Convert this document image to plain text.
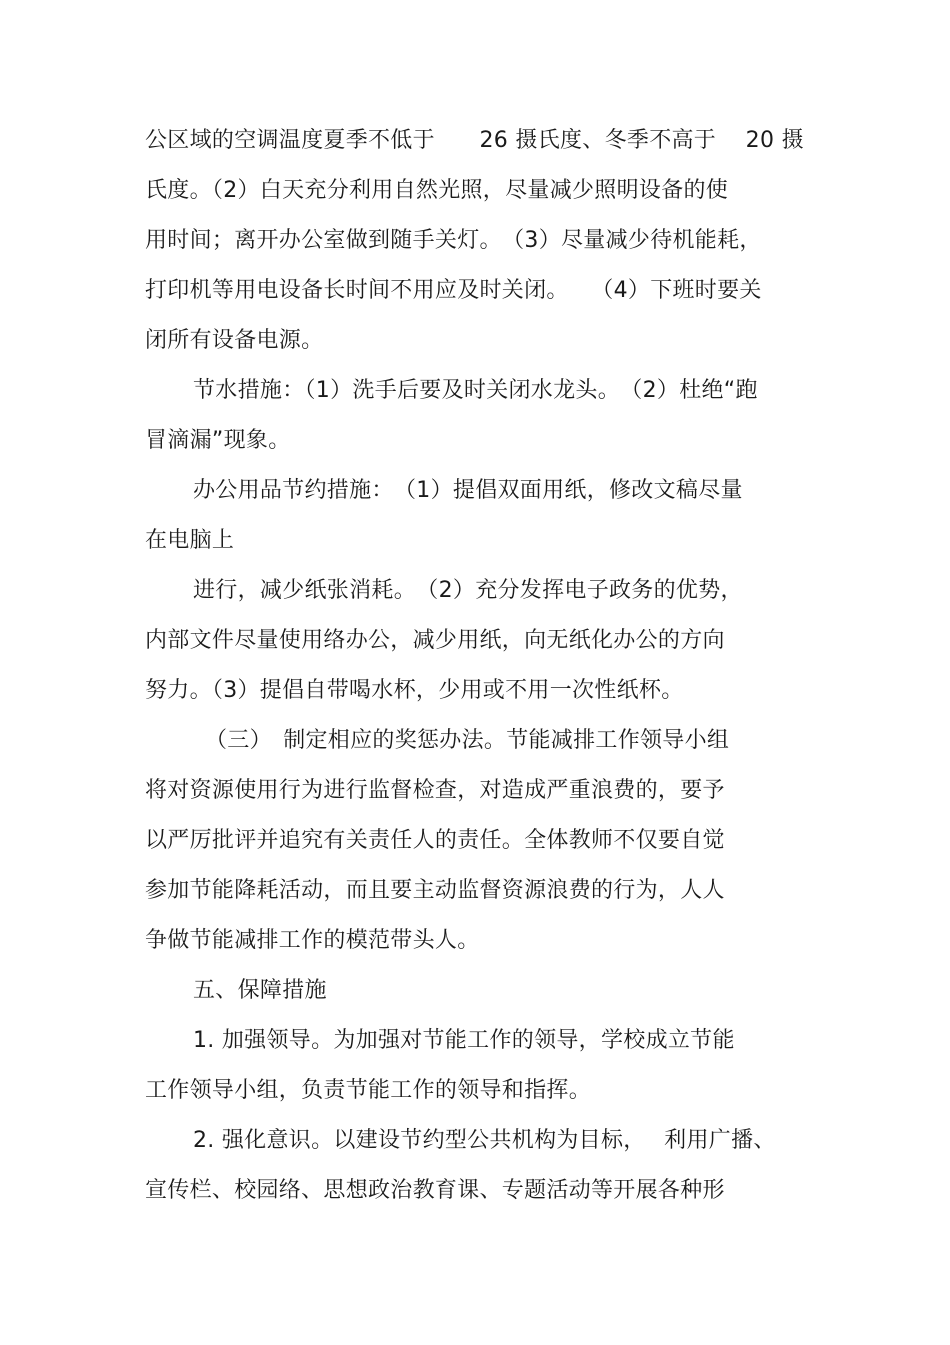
公区域的空调温度夏季不低于　　26 摄氏度、冬季不高于　 20 摄
氏度。（2）白天充分利用自然光照，尽量减少照明设备的使
用时间；离开办公室做到随手关灯。　（3）尽量减少待机能耗，
打印机等用电设备长时间不用应及时关闭。　　（4）下班时要关
闭所有设备电源。
节水措施：（1）洗手后要及时关闭水龙头。　（2）杜绝“跑
冒滴漏”现象。
办公用品节约措施：　（1）提倡双面用纸，修改文稿尽量
在电脑上
进行，减少纸张消耗。　（2）充分发挥电子政务的优势，
内部文件尽量使用络办公，减少用纸，向无纸化办公的方向
努力。（3）提倡自带喝水杯，少用或不用一次性纸杯。
（三）　制定相应的奖惩办法。节能减排工作领导小组
将对资源使用行为进行监督检查，对造成严重浪费的，要予
以严厉批评并追究有关责任人的责任。全体教师不仅要自觉
参加节能降耗活动，而且要主动监督资源浪费的行为，人人
争做节能减排工作的模范带头人。
五、保障措施
1. 加强领导。为加强对节能工作的领导，学校成立节能
工作领导小组，负责节能工作的领导和指挥。
2. 强化意识。以建设节约型公共机构为目标，　 利用广播、
宣传栏、校园络、思想政治教育课、专题活动等开展各种形
